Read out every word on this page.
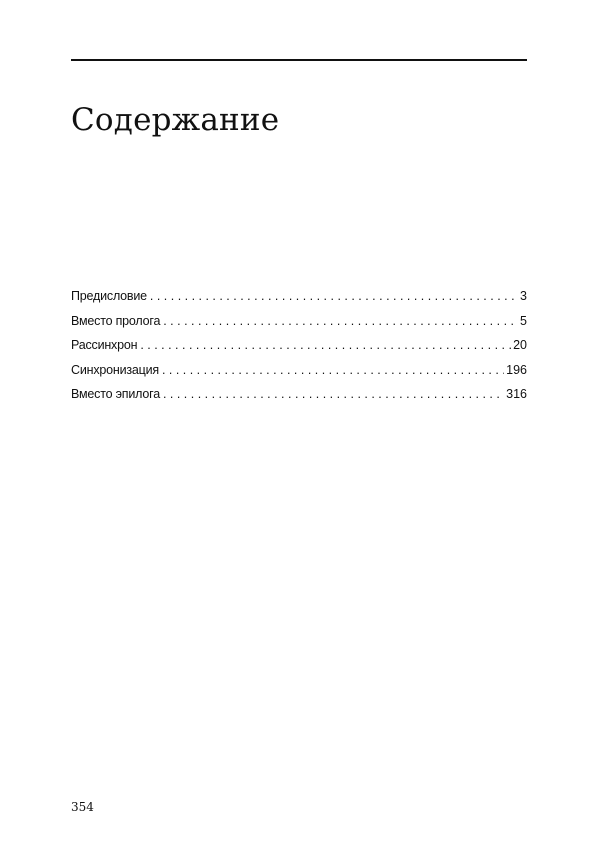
Содержание
Предисловие . . .	3
Вместо пролога . . .	5
Рассинхрон . . .	20
Синхронизация . . .	196
Вместо эпилога . . .	316
354
